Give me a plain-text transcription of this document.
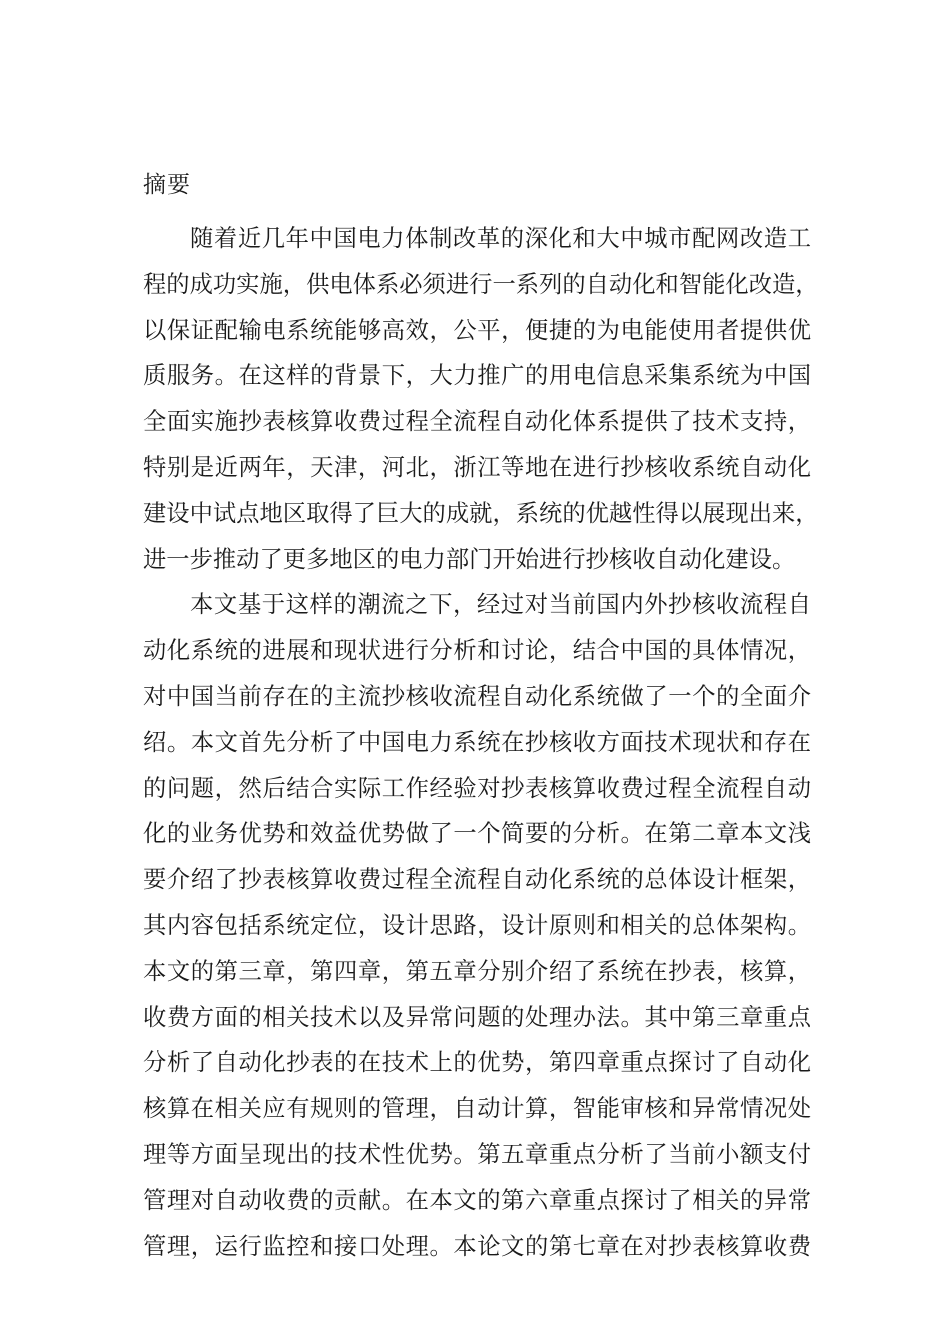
摘要
随着近几年中国电力体制改革的深化和大中城市配网改造工
程的成功实施，供电体系必须进行一系列的自动化和智能化改造，
以保证配输电系统能够高效，公平，便捷的为电能使用者提供优
质服务。在这样的背景下，大力推广的用电信息采集系统为中国
全面实施抄表核算收费过程全流程自动化体系提供了技术支持，
特别是近两年，天津，河北，浙江等地在进行抄核收系统自动化
建设中试点地区取得了巨大的成就，系统的优越性得以展现出来，
进一步推动了更多地区的电力部门开始进行抄核收自动化建设。
本文基于这样的潮流之下，经过对当前国内外抄核收流程自
动化系统的进展和现状进行分析和讨论，结合中国的具体情况，
对中国当前存在的主流抄核收流程自动化系统做了一个的全面介
绍。本文首先分析了中国电力系统在抄核收方面技术现状和存在
的问题，然后结合实际工作经验对抄表核算收费过程全流程自动
化的业务优势和效益优势做了一个简要的分析。在第二章本文浅
要介绍了抄表核算收费过程全流程自动化系统的总体设计框架，
其内容包括系统定位，设计思路，设计原则和相关的总体架构。
本文的第三章，第四章，第五章分别介绍了系统在抄表，核算，
收费方面的相关技术以及异常问题的处理办法。其中第三章重点
分析了自动化抄表的在技术上的优势，第四章重点探讨了自动化
核算在相关应有规则的管理，自动计算，智能审核和异常情况处
理等方面呈现出的技术性优势。第五章重点分析了当前小额支付
管理对自动收费的贡献。在本文的第六章重点探讨了相关的异常
管理，运行监控和接口处理。本论文的第七章在对抄表核算收费
